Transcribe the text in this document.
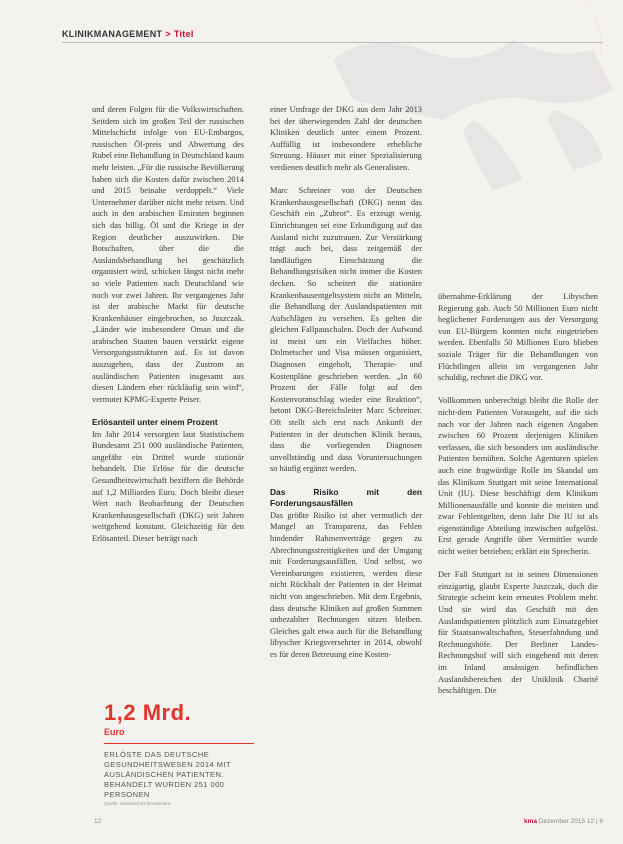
KLINIKMANAGEMENT > Titel

und deren Folgen für die Volkswirtschaften. Seitdem sich im großen Teil der russischen Mittelschicht infolge von EU-Embargos, russischen Öl-preis und Abwertung des Rubel eine Behandlung in Deutschland kaum mehr leisten. „Für die russische Bevölkerung haben sich die Kosten dafür zwischen 2014 und 2015 beinahe verdoppelt.“ Viele Unternehmer darüber nicht mehr reisen. Und auch in den arabischen Emiraten beginnen sich das billig. Öl und die Kriege in der Region deutlicher auszuwirken. Die Botschaften, über die die Auslandsbehandlung bei geschätzlich organisiert wird, schicken längst nicht mehr so viele Patienten nach Deutschland wie noch vor zwei Jahren. Ihr vergangenes Jahr ist der arabische Markt für deutsche Krankenhäuser eingebrochen, so Juszczak. „Länder wie insbesondere Oman und die arabischen Staaten bauen verstärkt eigene Versorgungsstrukturen auf. Es ist davon auszugehen, dass der Zustrom an ausländischen Patienten insgesamt aus diesen Ländern eher rückläufig sein wird“, vermutet KPMG-Experte Peiser.

Erlösanteil unter einem Prozent

Im Jahr 2014 versorgten laut Statistischem Bundesamt 251 000 ausländische Patienten, ungefähr ein Drittel wurde stationär behandelt. Die Erlöse für die deutsche Gesundheitswirtschaft beziffern die Behörde auf 1,2 Milliarden Euro. Doch bleibt dieser Wert nach Beobachtung der Deutschen Krankenhausgesellschaft (DKG) seit Jahren weitgehend konstant. Gleichzeitig für den Erlösanteil. Dieser beträgt nach

einer Umfrage der DKG aus dem Jahr 2013 bei der überwiegenden Zahl der deutschen Kliniken deutlich unter einem Prozent. Auffällig ist insbesondere erhebliche Streuung. Häuser mit einer Spezialisierung verdienen deutlich mehr als Generalisten.

Marc Schreiner von der Deutschen Krankenhausgesellschaft (DKG) nennt das Geschäft ein „Zubrot“. Es erzeugt wenig. Einrichtungen sei eine Erkundigung auf das Ausland nicht zuzutrauen. Zur Verstärkung trägt auch bei, dass zeitgemäß der landläufigen Einschätzung die Behandlungsrisiken nicht immer die Kosten decken. So scheitert die stationäre Krankenhausentgeltsystem nicht an Mitteln, die Behandlung der Auslandspatienten mit Aufschlägen zu versehen. Es gelten die gleichen Fallpauschalen. Doch der Aufwand ist meist um ein Vielfaches höher. Dolmetscher und Visa müssen organisiert, Diagnosen eingeholt, Therapie- und Kostenpläne geschrieben werden. „In 60 Prozent der Fälle folgt auf den Kostenvoranschlag wieder eine Reaktion“, betont DKG-Bereichsleiter Marc Schreiner. Oft stellt sich erst nach Ankunft der Patienten in der deutschen Klinik heraus, dass die vorliegenden Diagnosen unvollständig und dass Voruntersuchungen so häufig ergänzt werden.

Das Risiko mit den Forderungsausfällen

Das größte Risiko ist aber vermutlich der Mangel an Transparenz, das Fehlen bindender Rahmenverträge gegen zu Abrechnungsstreitigkeiten und der Umgang mit Forderungsausfällen. Und selbst, wo Vereinbarungen existieren, werden diese nicht Rückhalt der Patienten in der Heimat nicht von angeschrieben. Mit dem Ergebnis, dass deutsche Kliniken auf großen Summen unbezahlter Rechnungen sitzen bleiben. Gleiches galt etwa auch für die Behandlung libyscher Kriegsversehrter in 2014, obwohl es für deren Betreuung eine Kosten-

übernahme-Erklärung der Libyschen Regierung gab. Auch 50 Millionen Euro nicht beglichener Forderungen aus der Versorgung von EU-Bürgern konnten nicht eingetrieben werden. Ebenfalls 50 Millionen Euro blieben soziale Träger für die Behandlungen von Flüchtlingen allein im vergangenen Jahr schuldig, rechnet die DKG vor.

Vollkommen unberechtigt bleibt die Rolle der nicht-dem Patienten Vorausgeht, auf die sich nach vor der Jahren nach eigenen Angaben zwischen 60 Prozent derjenigen Kliniken verlassen, die sich besonders um ausländische Patienten bemühen. Solche Agenturen spielen auch eine fragwürdige Rolle im Skandal um das Klinikum Stuttgart mit seine International Unit (IU). Diese beschäftigt dem Klinikum Millionenausfälle und konnte die meisten und zwar Fehlentgelten, denn Jahr Die IU ist als eigenständige Abteilung inzwischen aufgelöst. Erst gerade Angriffe über Vermittler wurde nicht weiter betrieben; erklärt ein Sprecherin.

Der Fall Stuttgart ist in seinen Dimensionen einzigartig, glaubt Experte Juszczak, doch die Strategie scheint kein erneutes Problem mehr. Und sie wird das Geschäft mit den Auslandspatienten plötzlich zum Einsatzgebiet für Staatsanwaltschaften, Steuerfahndung und Rechnungshöfe. Der Berliner Landes-Rechnungshof will sich eingehend mit deren im Inland ansässigen befindlichen Auslandsbereichen der Uniklinik Charité beschäftigen. Die

1,2 Mrd.
Euro
ERLÖSTE DAS DEUTSCHE GESUNDHEITSWESEN 2014 MIT AUSLÄNDISCHEN PATIENTEN. BEHANDELT WURDEN 251 000 PERSONEN
Quelle: Statistisches Bundesamt
12	kma Dezember 2015 12 | 6
